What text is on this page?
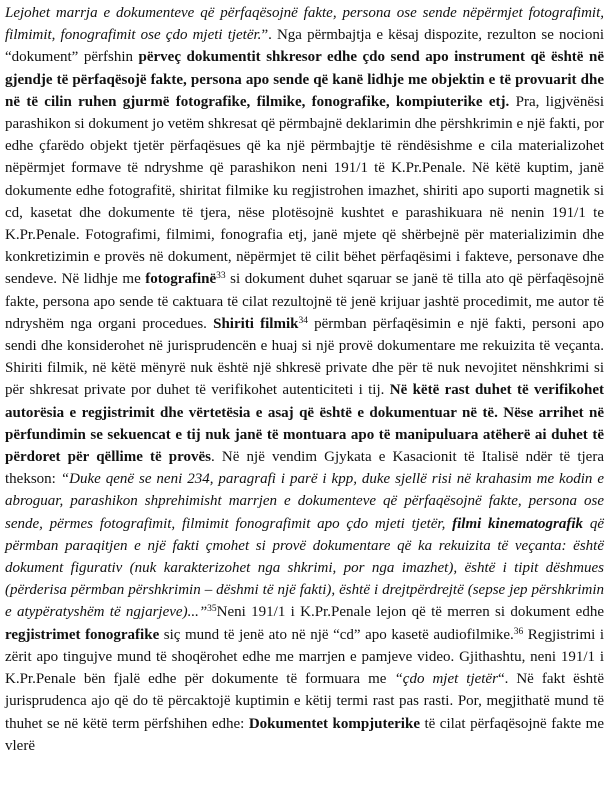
Lejohet marrja e dokumenteve që përfaqësojnë fakte, persona ose sende nëpërmjet fotografimit, filmimit, fonografimit ose çdo mjeti tjetër.”. Nga përmbajtja e kësaj dispozite, rezulton se nocioni “dokument” përfshin përveç dokumentit shkresor edhe çdo send apo instrument që është në gjendje të përfaqësojë fakte, persona apo sende që kanë lidhje me objektin e të provuarit dhe në të cilin ruhen gjurmë fotografike, filmike, fonografike, kompiuterike etj. Pra, ligjvënësi parashikon si dokument jo vetëm shkresat që përmbajnë deklarimin dhe përshkrimin e një fakti, por edhe çfarëdo objekt tjetër përfaqësues që ka një përmbajtje të rëndësishme e cila materializohet nëpërmjet formave të ndryshme që parashikon neni 191/1 të K.Pr.Penale. Në këtë kuptim, janë dokumente edhe fotografitë, shiritat filmike ku regjistrohen imazhet, shiriti apo suporti magnetik si cd, kasetat dhe dokumente të tjera, nëse plotësojnë kushtet e parashikuara në nenin 191/1 te K.Pr.Penale. Fotografimi, filmimi, fonografia etj, janë mjete që shërbejnë për materializimin dhe konkretizimin e provës në dokument, nëpërmjet të cilit bëhet përfaqësimi i fakteve, personave dhe sendeve. Në lidhje me fotografinë$^{33}$ si dokument duhet sqaruar se janë të tilla ato që përfaqësojnë fakte, persona apo sende të caktuara të cilat rezultojnë të jenë krijuar jashtë procedimit, me autor të ndryshëm nga organi procedues. Shiriti filmik$^{34}$ përmban përfaqësimin e një fakti, personi apo sendi dhe konsiderohet në jurisprudencën e huaj si një provë dokumentare me rekuizita të veçanta. Shiriti filmik, në këtë mënyrë nuk është një shkresë private dhe për të nuk nevojitet nënshkrimi si për shkresat private por duhet të verifikohet autenticiteti i tij. Në këtë rast duhet të verifikohet autorësia e regjistrimit dhe vërtetësia e asaj që është e dokumentuar në të. Nëse arrihet në përfundimin se sekuencat e tij nuk janë të montuara apo të manipuluara atëherë ai duhet të përdoret për qëllime të provës. Në një vendim Gjykata e Kasacionit të Italisë ndër të tjera thekson: “Duke qenë se neni 234, paragrafi i parë i kpp, duke sjellë risi në krahasim me kodin e abroguar, parashikon shprehimisht marrjen e dokumenteve që përfaqësojnë fakte, persona ose sende, përmes fotografimit, filmimit fonografimit apo çdo mjeti tjetër, filmi kinematografik që përmban paraqitjen e një fakti çmohet si provë dokumentare që ka rekuizita të veçanta: është dokument figurativ (nuk karakterizohet nga shkrimi, por nga imazhet), është i tipit dëshmues (përderisa përmban përshkrimin – dëshmi të një fakti), është i drejtpërdrejtë (sepse jep përshkrimin e atypëratyshëm të ngjarjeve)...”$^{35}$Neni 191/1 i K.Pr.Penale lejon që të merren si dokument edhe regjistrimet fonografike siç mund të jenë ato në një “cd” apo kasetë audiofilmike.$^{36}$ Regjistrimi i zërit apo tingujve mund të shoqërohet edhe me marrjen e pamjeve video. Gjithashtu, neni 191/1 i K.Pr.Penale bën fjalë edhe për dokumente të formuara me “çdo mjet tjetër“. Në fakt është jurisprudenca ajo që do të përcaktojë kuptimin e këtij termi rast pas rasti. Por, megjithatë mund të thuhet se në këtë term përfshihen edhe: Dokumentet kompjuterike të cilat përfaqësojnë fakte me vlerë
